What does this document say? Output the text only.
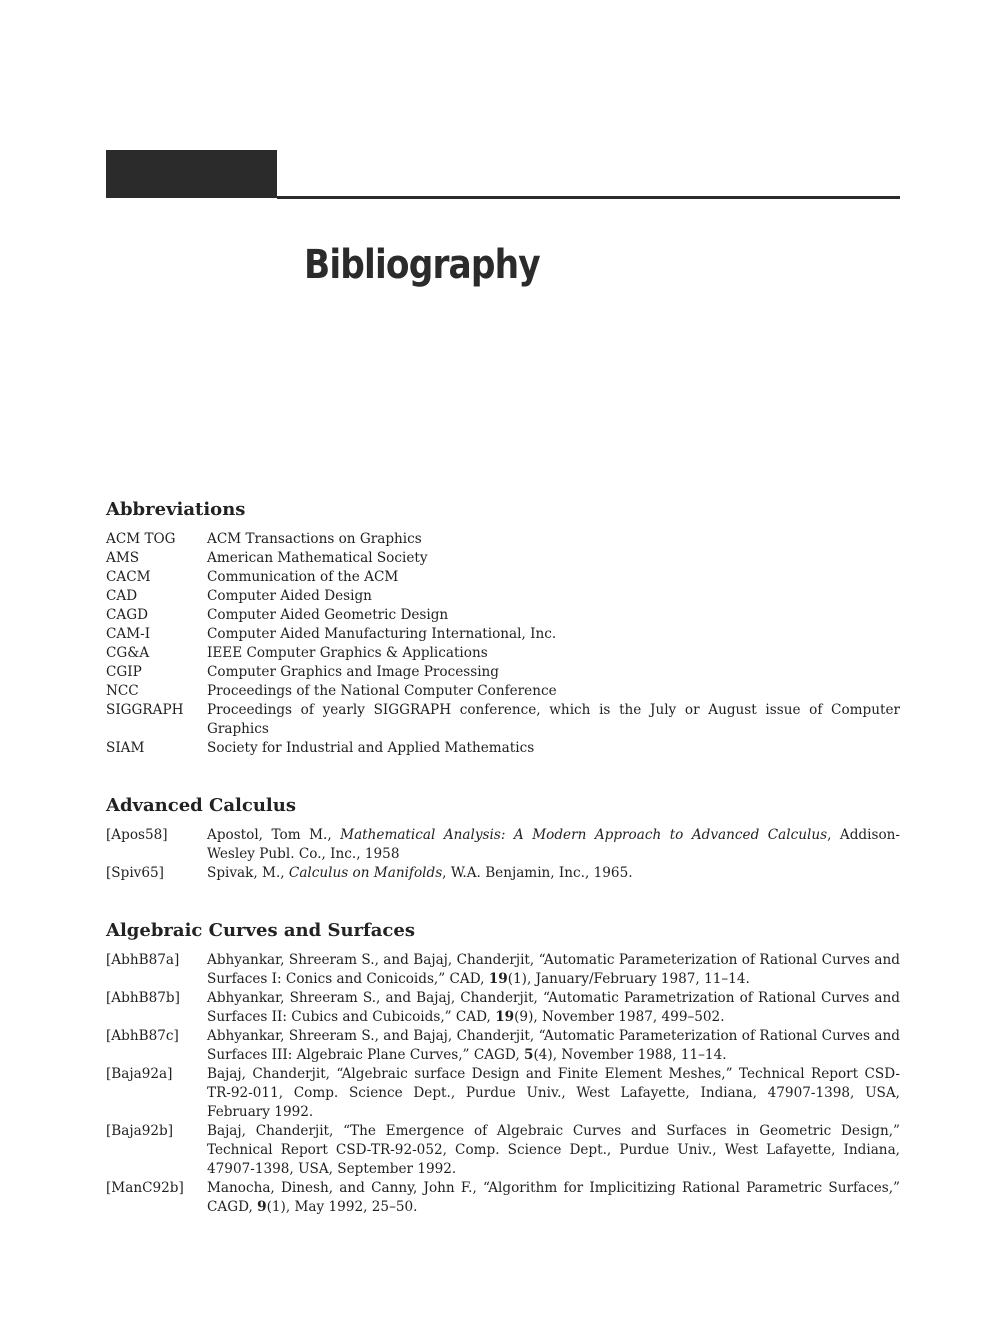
Bibliography
Abbreviations
ACM TOG	ACM Transactions on Graphics
AMS	American Mathematical Society
CACM	Communication of the ACM
CAD	Computer Aided Design
CAGD	Computer Aided Geometric Design
CAM-I	Computer Aided Manufacturing International, Inc.
CG&A	IEEE Computer Graphics & Applications
CGIP	Computer Graphics and Image Processing
NCC	Proceedings of the National Computer Conference
SIGGRAPH	Proceedings of yearly SIGGRAPH conference, which is the July or August issue of Computer Graphics
SIAM	Society for Industrial and Applied Mathematics
Advanced Calculus
[Apos58]	Apostol, Tom M., Mathematical Analysis: A Modern Approach to Advanced Calculus, Addison-Wesley Publ. Co., Inc., 1958
[Spiv65]	Spivak, M., Calculus on Manifolds, W.A. Benjamin, Inc., 1965.
Algebraic Curves and Surfaces
[AbhB87a]	Abhyankar, Shreeram S., and Bajaj, Chanderjit, “Automatic Parameterization of Rational Curves and Surfaces I: Conics and Conicoids,” CAD, 19(1), January/February 1987, 11–14.
[AbhB87b]	Abhyankar, Shreeram S., and Bajaj, Chanderjit, “Automatic Parametrization of Rational Curves and Surfaces II: Cubics and Cubicoids,” CAD, 19(9), November 1987, 499–502.
[AbhB87c]	Abhyankar, Shreeram S., and Bajaj, Chanderjit, “Automatic Parameterization of Rational Curves and Surfaces III: Algebraic Plane Curves,” CAGD, 5(4), November 1988, 11–14.
[Baja92a]	Bajaj, Chanderjit, “Algebraic surface Design and Finite Element Meshes,” Technical Report CSD-TR-92-011, Comp. Science Dept., Purdue Univ., West Lafayette, Indiana, 47907-1398, USA, February 1992.
[Baja92b]	Bajaj, Chanderjit, “The Emergence of Algebraic Curves and Surfaces in Geometric Design,” Technical Report CSD-TR-92-052, Comp. Science Dept., Purdue Univ., West Lafayette, Indiana, 47907-1398, USA, September 1992.
[ManC92b]	Manocha, Dinesh, and Canny, John F., “Algorithm for Implicitizing Rational Parametric Surfaces,” CAGD, 9(1), May 1992, 25–50.
